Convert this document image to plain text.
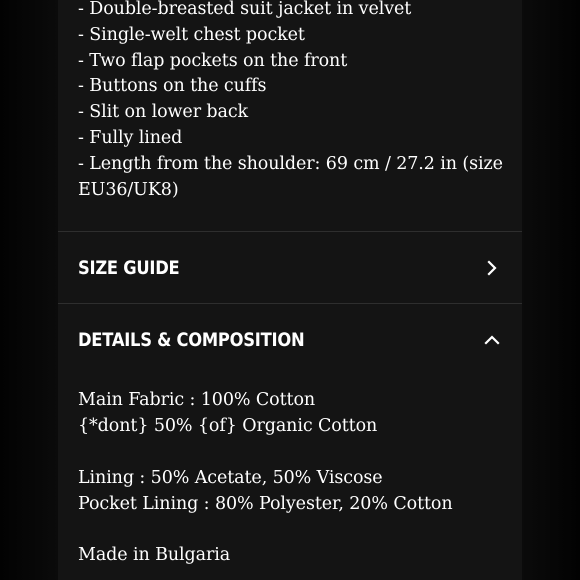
- Double-breasted suit jacket in velvet
- Single-welt chest pocket
- Two flap pockets on the front
- Buttons on the cuffs
- Slit on lower back
- Fully lined
- Length from the shoulder: 69 cm / 27.2 in (size
EU36/UK8)
SIZE GUIDE
DETAILS & COMPOSITION
Main Fabric : 100% Cotton
{*dont} 50% {of} Organic Cotton
Lining : 50% Acetate, 50% Viscose
Pocket Lining : 80% Polyester, 20% Cotton
Made in Bulgaria
